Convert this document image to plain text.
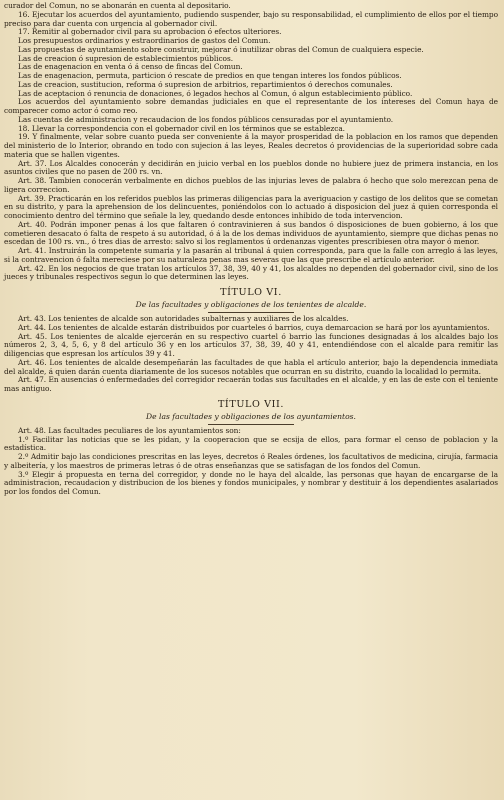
curador del Comun, no se abonarán en cuenta al depositario.

16. Ejecutar los acuerdos del ayuntamiento, pudiendo suspender, bajo su responsabilidad, el cumplimiento de ellos por el tiempo preciso para dar cuenta con urgencia al gobernador civil.

17. Remitir al gobernador civil para su aprobacion ó efectos ulteriores.

Los presupuestos ordinarios y estraordinarios de gastos del Comun.

Las propuestas de ayuntamiento sobre construir, mejorar ó inutilizar obras del Comun de cualquiera especie.

Las de creacion ó supresion de establecimientos públicos.

Las de enagenacion en venta ó á censo de fincas del Comun.

Las de enagenacion, permuta, particion ó rescate de predios en que tengan interes los fondos públicos.

Las de creacion, sustitucion, reforma ó supresion de arbitrios, repartimientos ó derechos comunales.

Las de aceptacion ó renuncia de donaciones, ó legados hechos al Comun, ó algun establecimiento público.

Los acuerdos del ayuntamiento sobre demandas judiciales en que el representante de los intereses del Comun haya de comparecer como actor ó como reo.

Las cuentas de administracion y recaudacion de los fondos públicos censuradas por el ayuntamiento.

18. Llevar la correspondencia con el gobernador civil en los términos que se establezca.

19. Y finalmente, velar sobre cuanto pueda ser conveniente á la mayor prosperidad de la poblacion en los ramos que dependen del ministerio de lo Interior, obrando en todo con sujecion á las leyes, Reales decretos ó providencias de la superioridad sobre cada materia que se hallen vigentes.

Art. 37. Los Alcaldes conocerán y decidirán en juicio verbal en los pueblos donde no hubiere juez de primera instancia, en los asuntos civiles que no pasen de 200 rs. vn.

Art. 38. Tambien conocerán verbalmente en dichos pueblos de las injurias leves de palabra ó hecho que solo merezcan pena de ligera correccion.

Art. 39. Practicarán en los referidos pueblos las primeras diligencias para la averiguacion y castigo de los delitos que se cometan en su distrito, y para la aprehension de los delincuentes, poniéndolos con lo actuado á disposicion del juez á quien corresponda el conocimiento dentro del término que señale la ley, quedando desde entonces inhibido de toda intervencion.

Art. 40. Podrán imponer penas á los que faltaren ó contravinieren á sus bandos ó disposiciones de buen gobierno, á los que cometieren desacato ó falta de respeto á su autoridad, ó á la de los demas individuos de ayuntamiento, siempre que dichas penas no escedan de 100 rs. vn., ó tres dias de arresto: salvo si los reglamentos ú ordenanzas vigentes prescribiesen otra mayor ó menor.

Art. 41. Instruirán la competente sumaria y la pasarán al tribunal á quien corresponda, para que la falle con arreglo á las leyes, si la contravencion ó falta mereciese por su naturaleza penas mas severas que las que prescribe el artículo anterior.

Art. 42. En los negocios de que tratan los artículos 37, 38, 39, 40 y 41, los alcaldes no dependen del gobernador civil, sino de los jueces y tribunales respectivos segun lo que determinen las leyes.

TÍTULO VI.
De las facultades y obligaciones de los tenientes de alcalde.

Art. 43. Los tenientes de alcalde son autoridades subalternas y auxiliares de los alcaldes.

Art. 44. Los tenientes de alcalde estarán distribuidos por cuarteles ó barrios, cuya demarcacion se hará por los ayuntamientos.

Art. 45. Los tenientes de alcalde ejercerán en su respectivo cuartel ó barrio las funciones designadas á los alcaldes bajo los números 2, 3, 4, 5, 6, y 8 del artículo 36 y en los artículos 37, 38, 39, 40 y 41, entendiéndose con el alcalde para remitir las diligencias que espresan los artículos 39 y 41.

Art. 46. Los tenientes de alcalde desempeñarán las facultades de que habla el artículo anterior, bajo la dependencia inmediata del alcalde, á quien darán cuenta diariamente de los sucesos notables que ocurran en su distrito, cuando la localidad lo permita.

Art. 47. En ausencias ó enfermedades del corregidor recaerán todas sus facultades en el alcalde, y en las de este con el teniente mas antiguo.

TÍTULO VII.
De las facultades y obligaciones de los ayuntamientos.

Art. 48. Las facultades peculiares de los ayuntamientos son:

1.º Facilitar las noticias que se les pidan, y la cooperacion que se ecsija de ellos, para formar el censo de poblacion y la estadística.

2.º Admitir bajo las condiciones prescritas en las leyes, decretos ó Reales órdenes, los facultativos de medicina, cirujía, farmacia y albeitería, y los maestros de primeras letras ó de otras enseñanzas que se satisfagan de los fondos del Comun.

3.º Elegir á propuesta en terna del corregidor, y donde no le haya del alcalde, las personas que hayan de encargarse de la administracion, recaudacion y distribucion de los bienes y fondos municipales, y nombrar y destituir á los dependientes asalariados por los fondos del Comun.
